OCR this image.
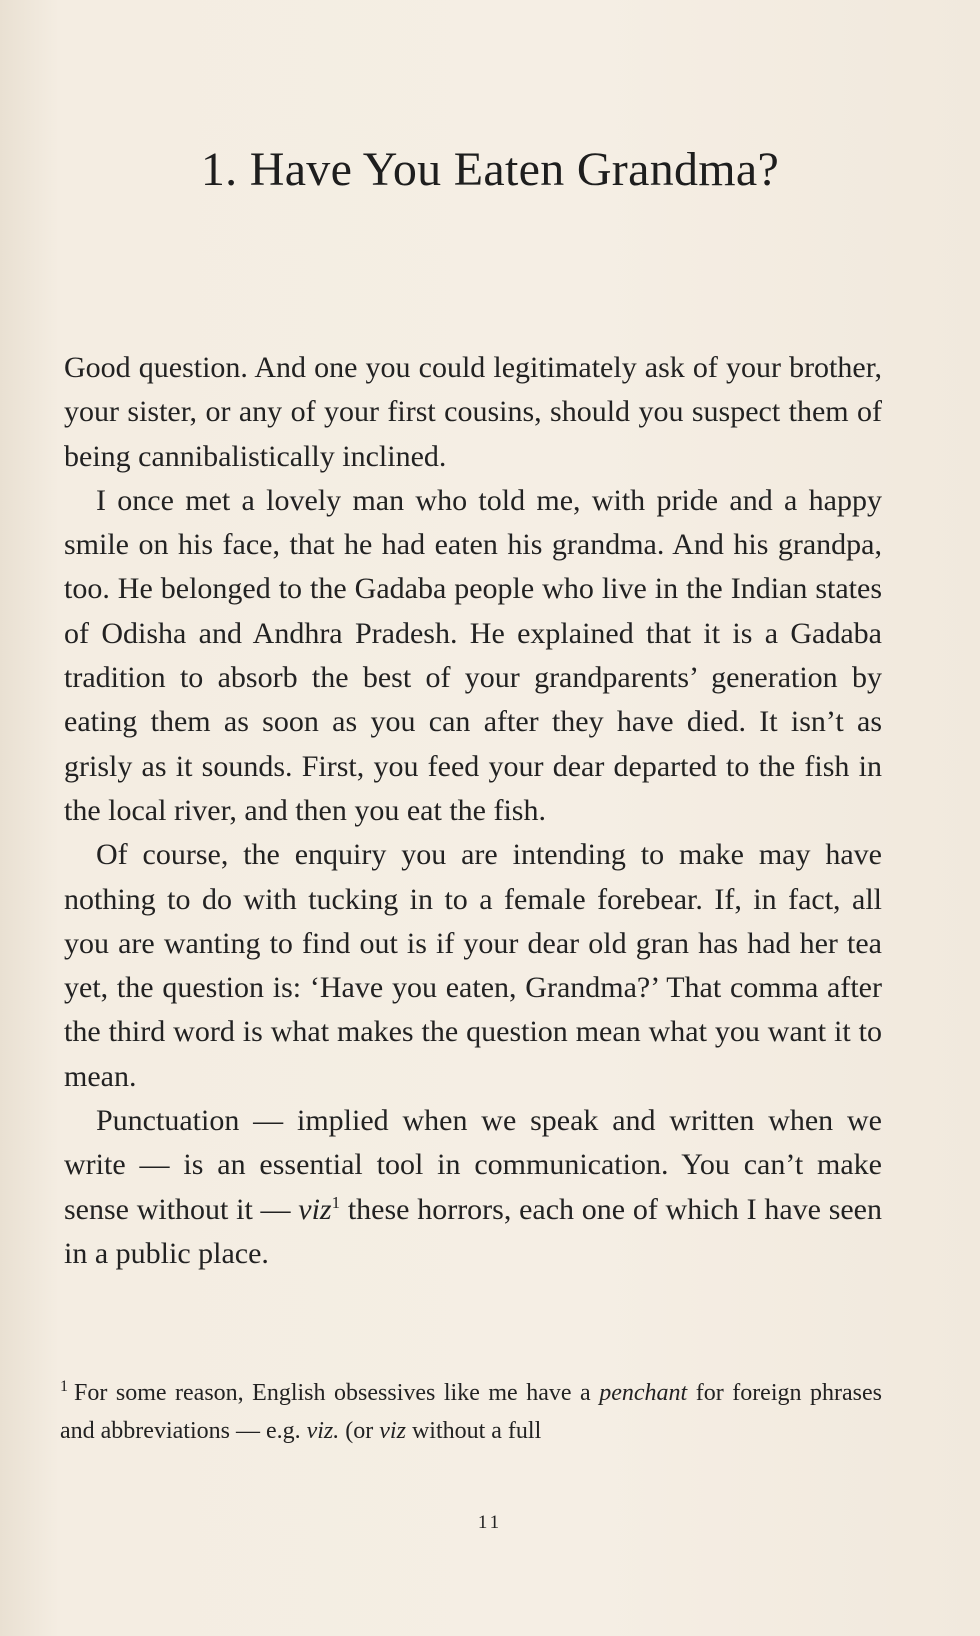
1. Have You Eaten Grandma?

Good question. And one you could legitimately ask of your brother, your sister, or any of your first cousins, should you suspect them of being cannibalistically inclined.

I once met a lovely man who told me, with pride and a happy smile on his face, that he had eaten his grandma. And his grandpa, too. He belonged to the Gadaba people who live in the Indian states of Odisha and Andhra Pradesh. He explained that it is a Gadaba tradition to absorb the best of your grandparents’ generation by eating them as soon as you can after they have died. It isn’t as grisly as it sounds. First, you feed your dear departed to the fish in the local river, and then you eat the fish.

Of course, the enquiry you are intending to make may have nothing to do with tucking in to a female forebear. If, in fact, all you are wanting to find out is if your dear old gran has had her tea yet, the question is: ‘Have you eaten, Grandma?’ That comma after the third word is what makes the question mean what you want it to mean.

Punctuation — implied when we speak and written when we write — is an essential tool in communication. You can’t make sense without it — viz$^1$ these horrors, each one of which I have seen in a public place.

$^1$ For some reason, English obsessives like me have a penchant for foreign phrases and abbreviations — e.g. viz. (or viz without a full

11
